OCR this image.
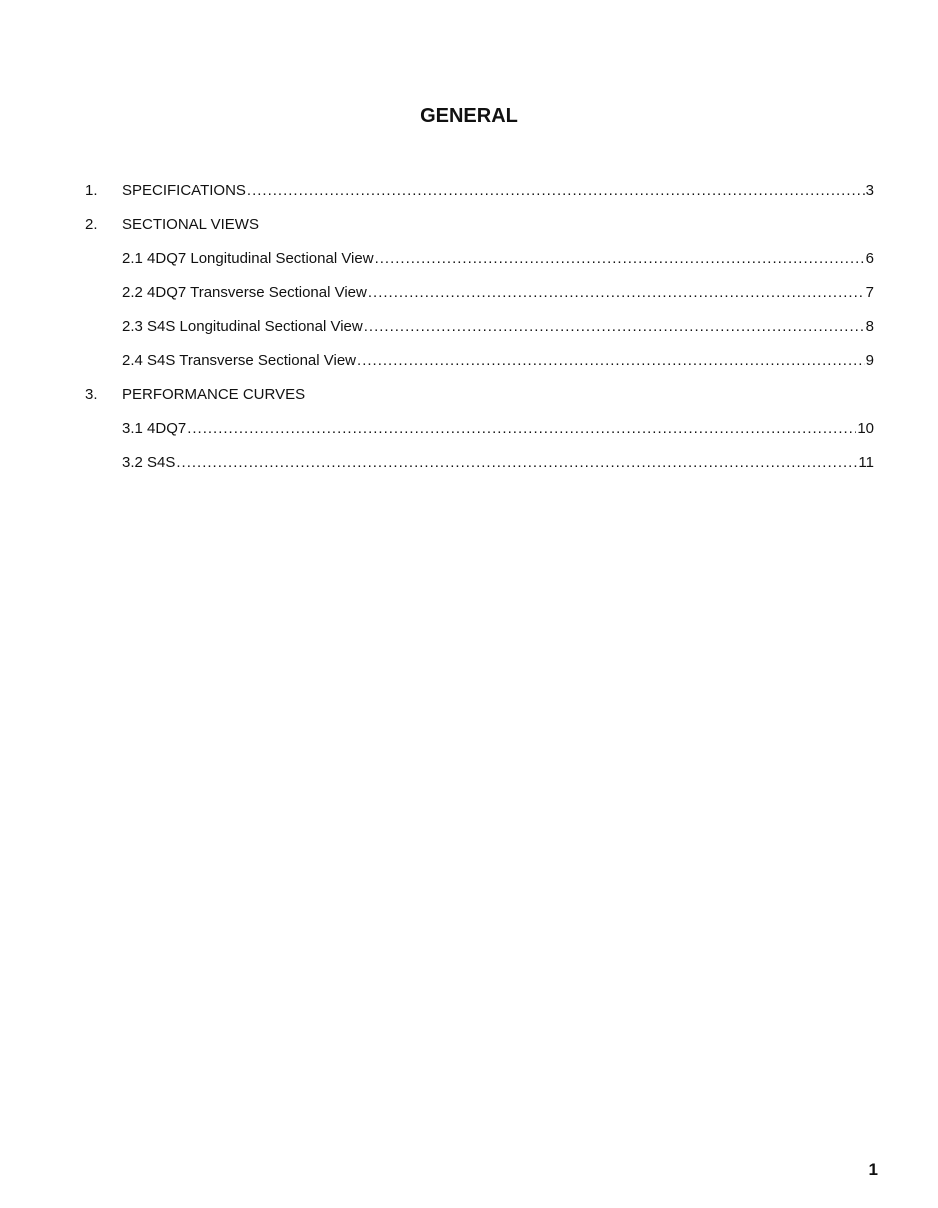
GENERAL
1.	SPECIFICATIONS .....	3
2.	SECTIONAL VIEWS
2.1 4DQ7 Longitudinal Sectional View .....	6
2.2 4DQ7 Transverse Sectional View .....	7
2.3 S4S Longitudinal Sectional View .....	8
2.4 S4S Transverse Sectional View .....	9
3.	PERFORMANCE CURVES
3.1 4DQ7 .....	10
3.2 S4S .....	11
1
